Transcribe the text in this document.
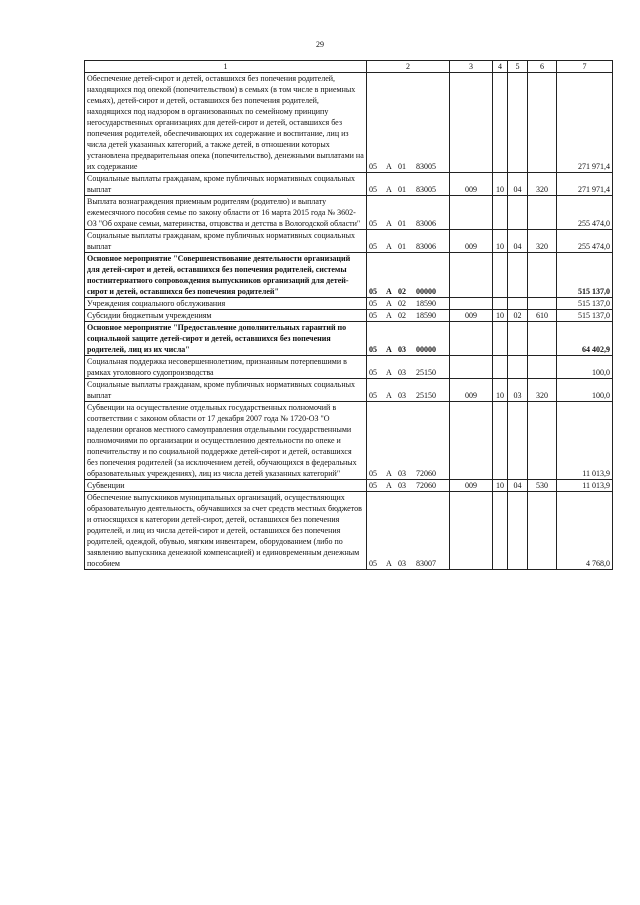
29
1	2	3	4	5	6	7
Обеспечение детей-сирот и детей, оставшихся без попечения родителей, находящихся под опекой (попечительством) в семьях (в том числе в приемных семьях), детей-сирот и детей, оставшихся без попечения родителей, находящихся под надзором в организованных по семейному принципу негосударственных организациях для детей-сирот и детей, оставшихся без попечения родителей, обеспечивающих их содержание и воспитание, лиц из числа детей указанных категорий, а также детей, в отношении которых установлена предварительная опека (попечительство), денежными выплатами на их содержание	05 А 01 83005					271 971,4
Социальные выплаты гражданам, кроме публичных нормативных социальных выплат	05 А 01 83005	009	10	04	320	271 971,4
Выплата вознаграждения приемным родителям (родителю) и выплату ежемесячного пособия семье по закону области от 16 марта 2015 года № 3602-ОЗ "Об охране семьи, материнства, отцовства и детства в Вологодской области"	05 А 01 83006					255 474,0
Социальные выплаты гражданам, кроме публичных нормативных социальных выплат	05 А 01 83006	009	10	04	320	255 474,0
Основное мероприятие "Совершенствование деятельности организаций для детей-сирот и детей, оставшихся без попечения родителей, системы постинтернатного сопровождения выпускников организаций для детей-сирот и детей, оставшихся без попечения родителей"	05 А 02 00000					515 137,0
Учреждения социального обслуживания	05 А 02 18590					515 137,0
Субсидии бюджетным учреждениям	05 А 02 18590	009	10	02	610	515 137,0
Основное мероприятие "Предоставление дополнительных гарантий по социальной защите детей-сирот и детей, оставшихся без попечения родителей, лиц из их числа"	05 А 03 00000					64 402,9
Социальная поддержка несовершеннолетним, признанным потерпевшими в рамках уголовного судопроизводства	05 А 03 25150					100,0
Социальные выплаты гражданам, кроме публичных нормативных социальных выплат	05 А 03 25150	009	10	03	320	100,0
Субвенции на осуществление отдельных государственных полномочий в соответствии с законом области от 17 декабря 2007 года № 1720-ОЗ "О наделении органов местного самоуправления отдельными государственными полномочиями по организации и осуществлению деятельности по опеке и попечительству и по социальной поддержке детей-сирот и детей, оставшихся без попечения родителей (за исключением детей, обучающихся в федеральных образовательных учреждениях), лиц из числа детей указанных категорий"	05 А 03 72060					11 013,9
Субвенции	05 А 03 72060	009	10	04	530	11 013,9
Обеспечение выпускников муниципальных организаций, осуществляющих образовательную деятельность, обучавшихся за счет средств местных бюджетов и относящихся к категории детей-сирот, детей, оставшихся без попечения родителей, и лиц из числа детей-сирот и детей, оставшихся без попечения родителей, одеждой, обувью, мягким инвентарем, оборудованием (либо по заявлению выпускника денежной компенсацией) и единовременным денежным пособием	05 А 03 83007					4 768,0
